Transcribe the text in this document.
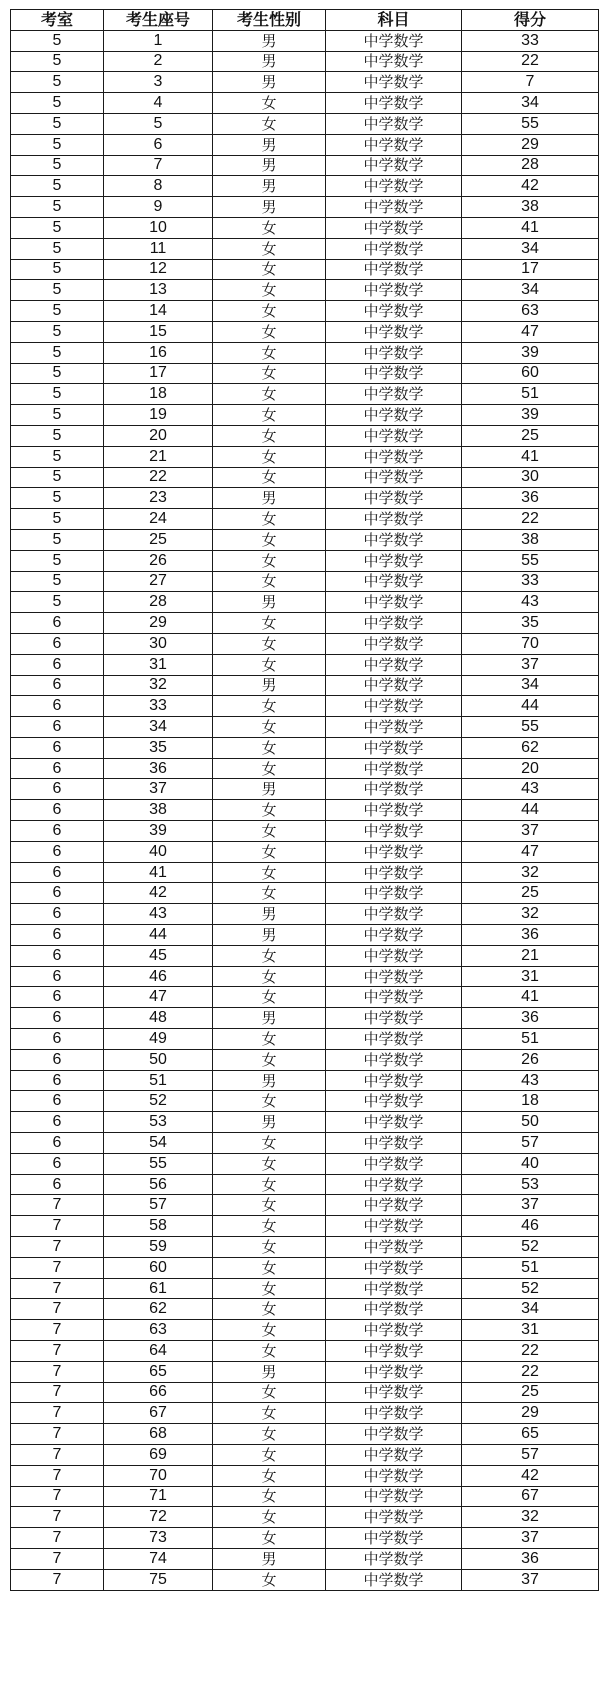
考室	考生座号	考生性别	科目	得分
5	1	男	中学数学	33
5	2	男	中学数学	22
5	3	男	中学数学	7
5	4	女	中学数学	34
5	5	女	中学数学	55
5	6	男	中学数学	29
5	7	男	中学数学	28
5	8	男	中学数学	42
5	9	男	中学数学	38
5	10	女	中学数学	41
5	11	女	中学数学	34
5	12	女	中学数学	17
5	13	女	中学数学	34
5	14	女	中学数学	63
5	15	女	中学数学	47
5	16	女	中学数学	39
5	17	女	中学数学	60
5	18	女	中学数学	51
5	19	女	中学数学	39
5	20	女	中学数学	25
5	21	女	中学数学	41
5	22	女	中学数学	30
5	23	男	中学数学	36
5	24	女	中学数学	22
5	25	女	中学数学	38
5	26	女	中学数学	55
5	27	女	中学数学	33
5	28	男	中学数学	43
6	29	女	中学数学	35
6	30	女	中学数学	70
6	31	女	中学数学	37
6	32	男	中学数学	34
6	33	女	中学数学	44
6	34	女	中学数学	55
6	35	女	中学数学	62
6	36	女	中学数学	20
6	37	男	中学数学	43
6	38	女	中学数学	44
6	39	女	中学数学	37
6	40	女	中学数学	47
6	41	女	中学数学	32
6	42	女	中学数学	25
6	43	男	中学数学	32
6	44	男	中学数学	36
6	45	女	中学数学	21
6	46	女	中学数学	31
6	47	女	中学数学	41
6	48	男	中学数学	36
6	49	女	中学数学	51
6	50	女	中学数学	26
6	51	男	中学数学	43
6	52	女	中学数学	18
6	53	男	中学数学	50
6	54	女	中学数学	57
6	55	女	中学数学	40
6	56	女	中学数学	53
7	57	女	中学数学	37
7	58	女	中学数学	46
7	59	女	中学数学	52
7	60	女	中学数学	51
7	61	女	中学数学	52
7	62	女	中学数学	34
7	63	女	中学数学	31
7	64	女	中学数学	22
7	65	男	中学数学	22
7	66	女	中学数学	25
7	67	女	中学数学	29
7	68	女	中学数学	65
7	69	女	中学数学	57
7	70	女	中学数学	42
7	71	女	中学数学	67
7	72	女	中学数学	32
7	73	女	中学数学	37
7	74	男	中学数学	36
7	75	女	中学数学	37
